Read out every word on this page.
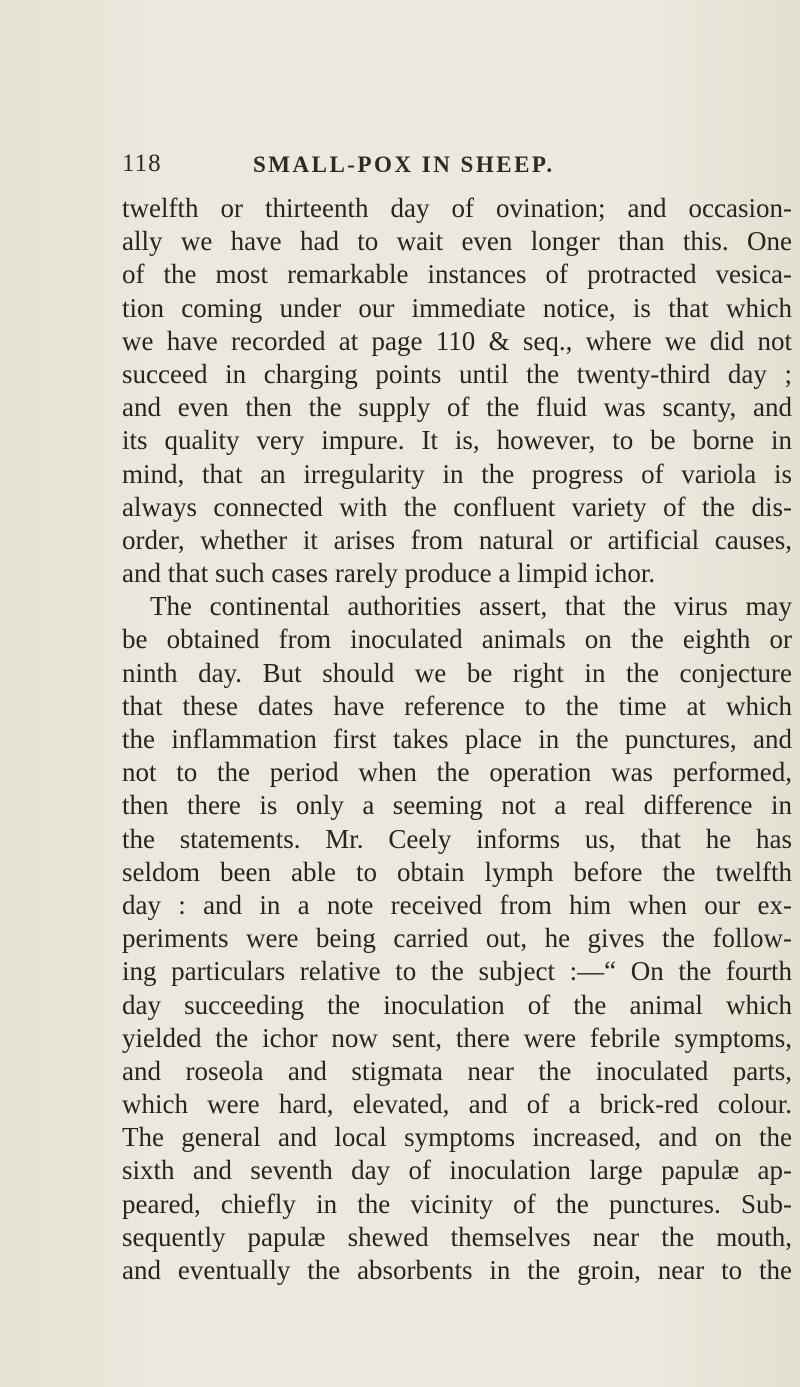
118	SMALL-POX IN SHEEP.
twelfth or thirteenth day of ovination; and occasion-
ally we have had to wait even longer than this. One
of the most remarkable instances of protracted vesica-
tion coming under our immediate notice, is that which
we have recorded at page 110 & seq., where we did not
succeed in charging points until the twenty-third day ;
and even then the supply of the fluid was scanty, and
its quality very impure. It is, however, to be borne in
mind, that an irregularity in the progress of variola is
always connected with the confluent variety of the dis-
order, whether it arises from natural or artificial causes,
and that such cases rarely produce a limpid ichor.
The continental authorities assert, that the virus may
be obtained from inoculated animals on the eighth or
ninth day. But should we be right in the conjecture
that these dates have reference to the time at which
the inflammation first takes place in the punctures, and
not to the period when the operation was performed,
then there is only a seeming not a real difference in
the statements. Mr. Ceely informs us, that he has
seldom been able to obtain lymph before the twelfth
day : and in a note received from him when our ex-
periments were being carried out, he gives the follow-
ing particulars relative to the subject :—“ On the fourth
day succeeding the inoculation of the animal which
yielded the ichor now sent, there were febrile symptoms,
and roseola and stigmata near the inoculated parts,
which were hard, elevated, and of a brick-red colour.
The general and local symptoms increased, and on the
sixth and seventh day of inoculation large papulæ ap-
peared, chiefly in the vicinity of the punctures. Sub-
sequently papulæ shewed themselves near the mouth,
and eventually the absorbents in the groin, near to the
